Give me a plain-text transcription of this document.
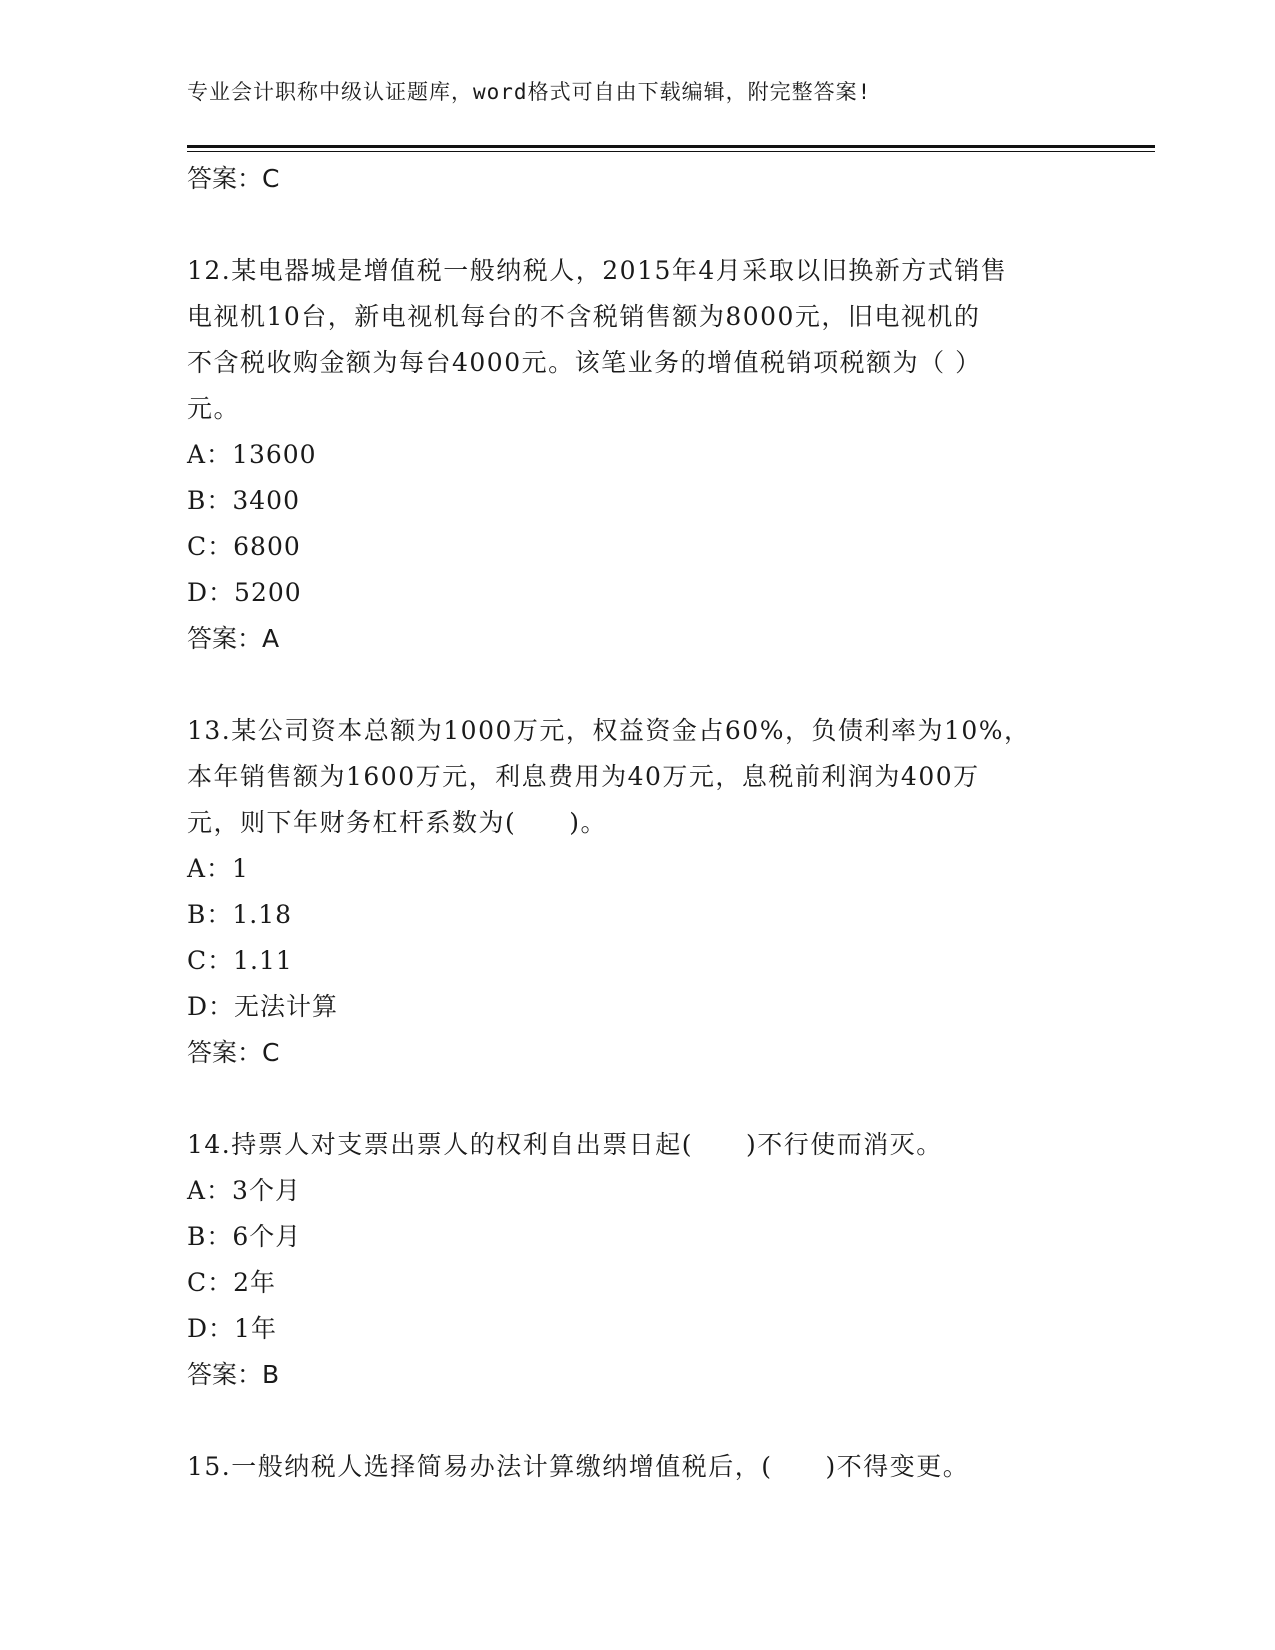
专业会计职称中级认证题库，word格式可自由下载编辑，附完整答案!

答案：C

12.某电器城是增值税一般纳税人，2015年4月采取以旧换新方式销售

电视机10台，新电视机每台的不含税销售额为8000元，旧电视机的

不含税收购金额为每台4000元。该笔业务的增值税销项税额为（ ）

元。

A：13600

B：3400

C：6800

D：5200

答案：A

13.某公司资本总额为1000万元，权益资金占60%，负债利率为10%，

本年销售额为1600万元，利息费用为40万元，息税前利润为400万

元，则下年财务杠杆系数为(　　)。

A：1

B：1.18

C：1.11

D：无法计算

答案：C

14.持票人对支票出票人的权利自出票日起(　　)不行使而消灭。

A：3个月

B：6个月

C：2年

D：1年

答案：B

15.一般纳税人选择简易办法计算缴纳增值税后，(　　)不得变更。
